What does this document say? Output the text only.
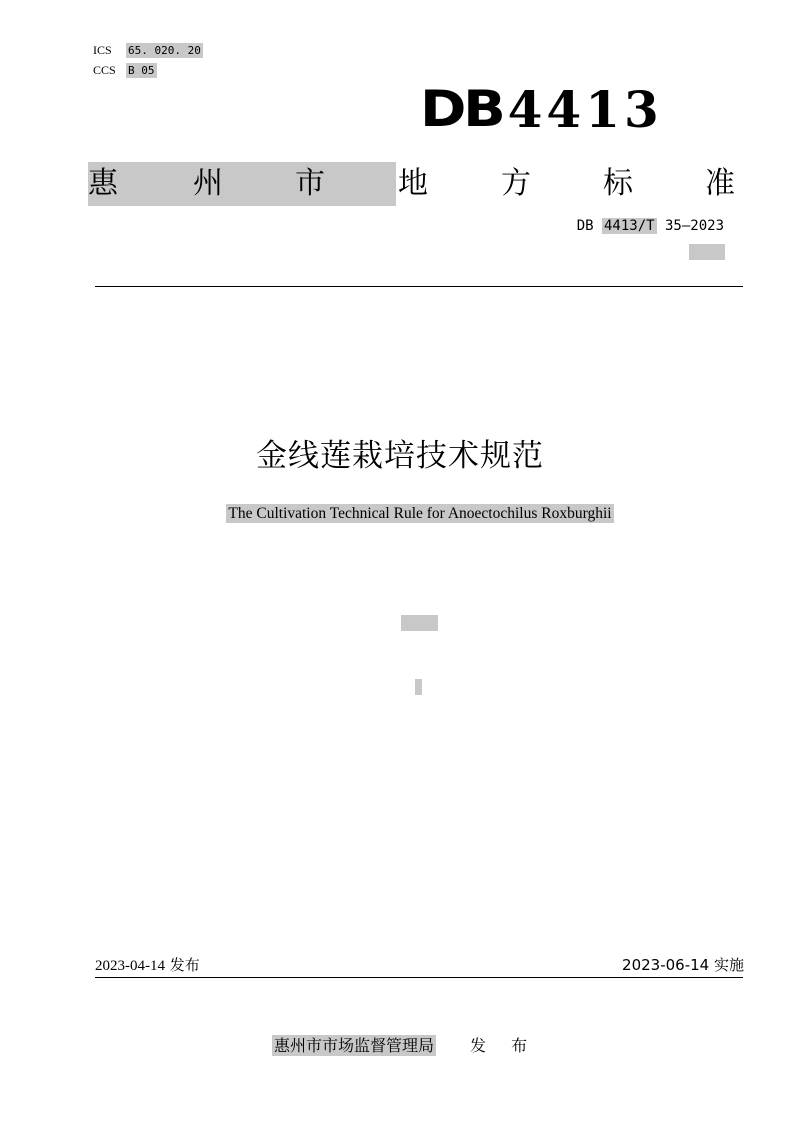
ICS	65. 020. 20
CCS	B 05
DB 4413
惠	州 市 地 方 标 准
DB 4413/T 35—2023
金线莲栽培技术规范
The Cultivation Technical Rule for Anoectochilus Roxburghii
2023-04-14 发布	2023-06-14 实施
惠州市市场监督管理局 发 布
